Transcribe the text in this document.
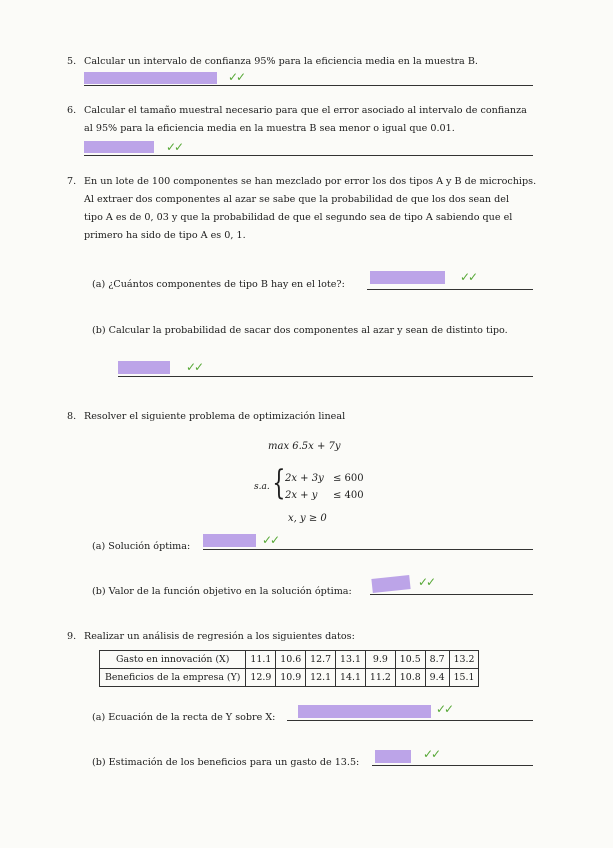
5. Calcular un intervalo de confianza 95% para la eficiencia media en la muestra B.
✓✓
6. Calcular el tamaño muestral necesario para que el error asociado al intervalo de confianza
al 95% para la eficiencia media en la muestra B sea menor o igual que 0.01.
✓✓
7. En un lote de 100 componentes se han mezclado por error los dos tipos A y B de microchips.
Al extraer dos componentes al azar se sabe que la probabilidad de que los dos sean del
tipo A es de 0, 03 y que la probabilidad de que el segundo sea de tipo A sabiendo que el
primero ha sido de tipo A es 0, 1.
(a) ¿Cuántos componentes de tipo B hay en el lote?:
✓✓
(b) Calcular la probabilidad de sacar dos componentes al azar y sean de distinto tipo.
✓✓
8. Resolver el siguiente problema de optimización lineal
max 6.5x + 7y
s.a. { 2x + 3y ≤ 600
2x + y ≤ 400
x, y ≥ 0
(a) Solución óptima:	✓✓
(b) Valor de la función objetivo en la solución óptima:
✓✓
9. Realizar un análisis de regresión a los siguientes datos:
Gasto en innovación (X)	11.1	10.6	12.7	13.1	9.9	10.5	8.7	13.2
Beneficios de la empresa (Y)	12.9	10.9	12.1	14.1	11.2	10.8	9.4	15.1
(a) Ecuación de la recta de Y sobre X:
✓✓
(b) Estimación de los beneficios para un gasto de 13.5:
✓✓
